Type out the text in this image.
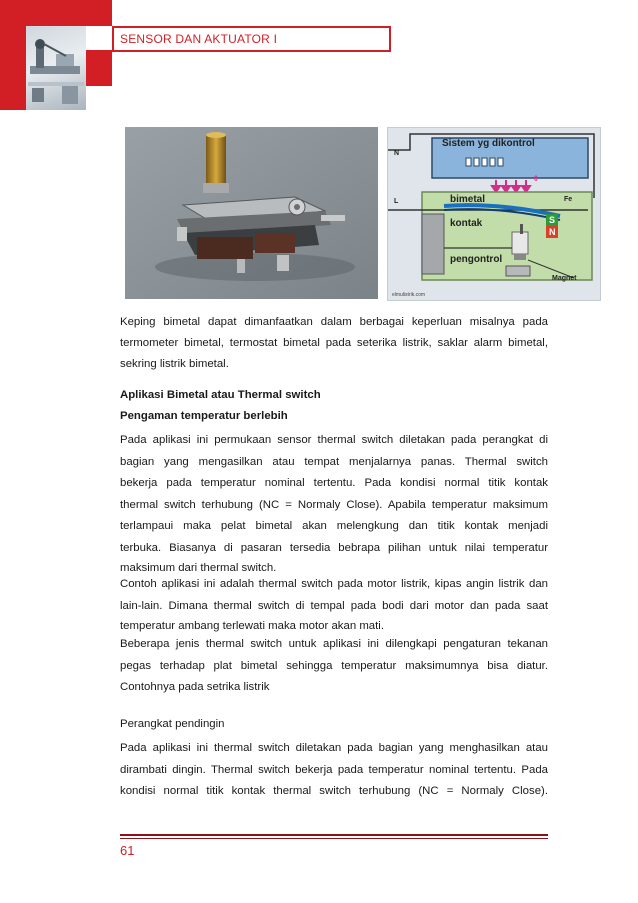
SENSOR DAN AKTUATOR I
Sistem yg dikontrol
N
L
θ
bimetal	Fe
kontak	S
N
pengontrol
Magnet
elmulistrik.com
Keping bimetal dapat dimanfaatkan dalam berbagai keperluan misalnya pada
termometer bimetal, termostat bimetal pada seterika listrik, saklar alarm bimetal,
sekring listrik bimetal.
Aplikasi Bimetal atau Thermal switch
Pengaman temperatur berlebih
Pada aplikasi ini permukaan sensor thermal switch diletakan pada perangkat di
bagian yang mengasilkan atau tempat menjalarnya panas. Thermal switch
bekerja pada temperatur nominal tertentu. Pada kondisi normal titik kontak
thermal switch terhubung (NC = Normaly Close). Apabila temperatur maksimum
terlampaui maka pelat bimetal akan melengkung dan titik kontak menjadi
terbuka. Biasanya di pasaran tersedia bebrapa pilihan untuk nilai temperatur
maksimum dari thermal switch.
Contoh aplikasi ini adalah thermal switch pada motor listrik, kipas angin listrik dan
lain-lain. Dimana thermal switch di tempal pada bodi dari motor dan pada saat
temperatur ambang terlewati maka motor akan mati.
Beberapa jenis thermal switch untuk aplikasi ini dilengkapi pengaturan tekanan
pegas terhadap plat bimetal sehingga temperatur maksimumnya bisa diatur.
Contohnya pada setrika listrik
Perangkat pendingin
Pada aplikasi ini thermal switch diletakan pada bagian yang menghasilkan atau
dirambati dingin. Thermal switch bekerja pada temperatur nominal tertentu. Pada
kondisi normal titik kontak thermal switch terhubung (NC = Normaly Close).
61
